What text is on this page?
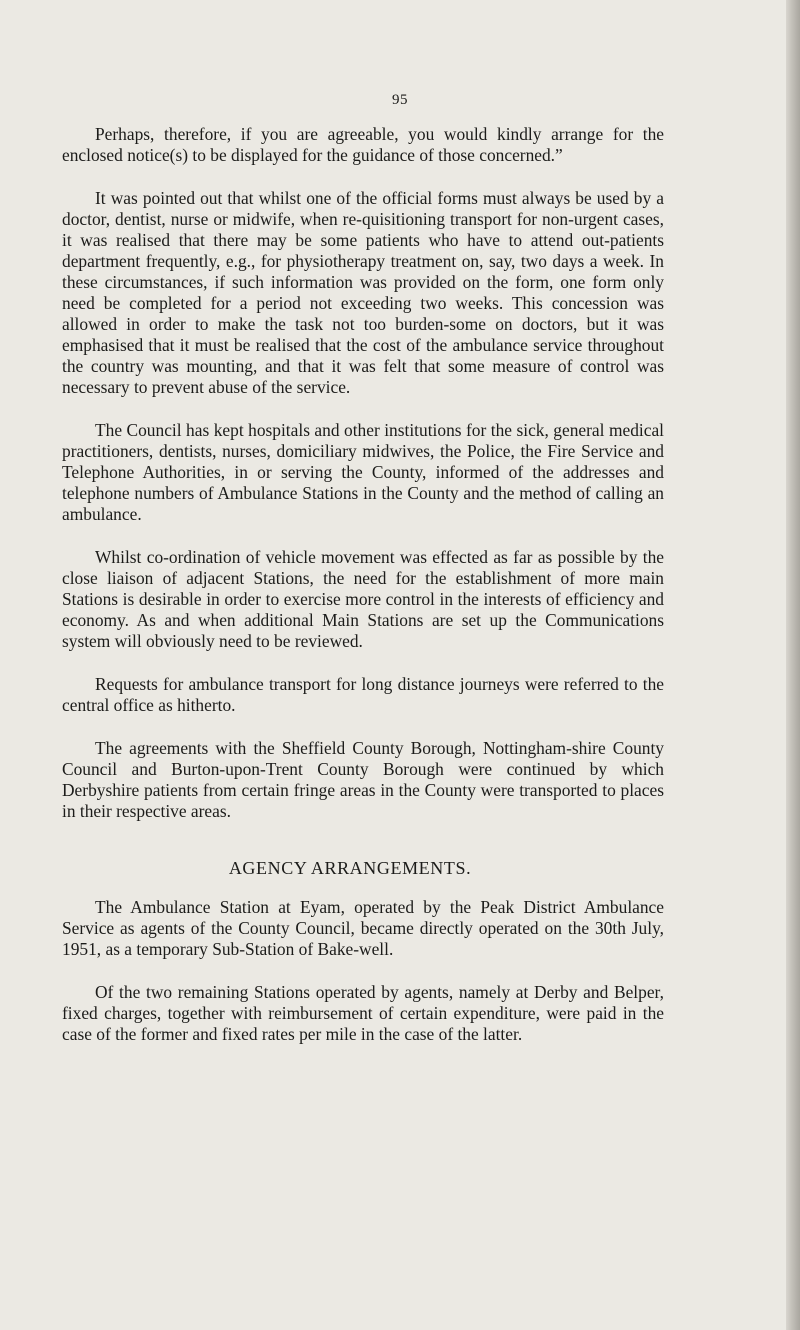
95

Perhaps, therefore, if you are agreeable, you would kindly arrange for the enclosed notice(s) to be displayed for the guidance of those concerned.”

It was pointed out that whilst one of the official forms must always be used by a doctor, dentist, nurse or midwife, when re-quisitioning transport for non-urgent cases, it was realised that there may be some patients who have to attend out-patients department frequently, e.g., for physiotherapy treatment on, say, two days a week. In these circumstances, if such information was provided on the form, one form only need be completed for a period not exceeding two weeks. This concession was allowed in order to make the task not too burden-some on doctors, but it was emphasised that it must be realised that the cost of the ambulance service throughout the country was mounting, and that it was felt that some measure of control was necessary to prevent abuse of the service.

The Council has kept hospitals and other institutions for the sick, general medical practitioners, dentists, nurses, domiciliary midwives, the Police, the Fire Service and Telephone Authorities, in or serving the County, informed of the addresses and telephone numbers of Ambulance Stations in the County and the method of calling an ambulance.

Whilst co-ordination of vehicle movement was effected as far as possible by the close liaison of adjacent Stations, the need for the establishment of more main Stations is desirable in order to exercise more control in the interests of efficiency and economy. As and when additional Main Stations are set up the Communications system will obviously need to be reviewed.

Requests for ambulance transport for long distance journeys were referred to the central office as hitherto.

The agreements with the Sheffield County Borough, Nottingham-shire County Council and Burton-upon-Trent County Borough were continued by which Derbyshire patients from certain fringe areas in the County were transported to places in their respective areas.

AGENCY ARRANGEMENTS.

The Ambulance Station at Eyam, operated by the Peak District Ambulance Service as agents of the County Council, became directly operated on the 30th July, 1951, as a temporary Sub-Station of Bake-well.

Of the two remaining Stations operated by agents, namely at Derby and Belper, fixed charges, together with reimbursement of certain expenditure, were paid in the case of the former and fixed rates per mile in the case of the latter.
